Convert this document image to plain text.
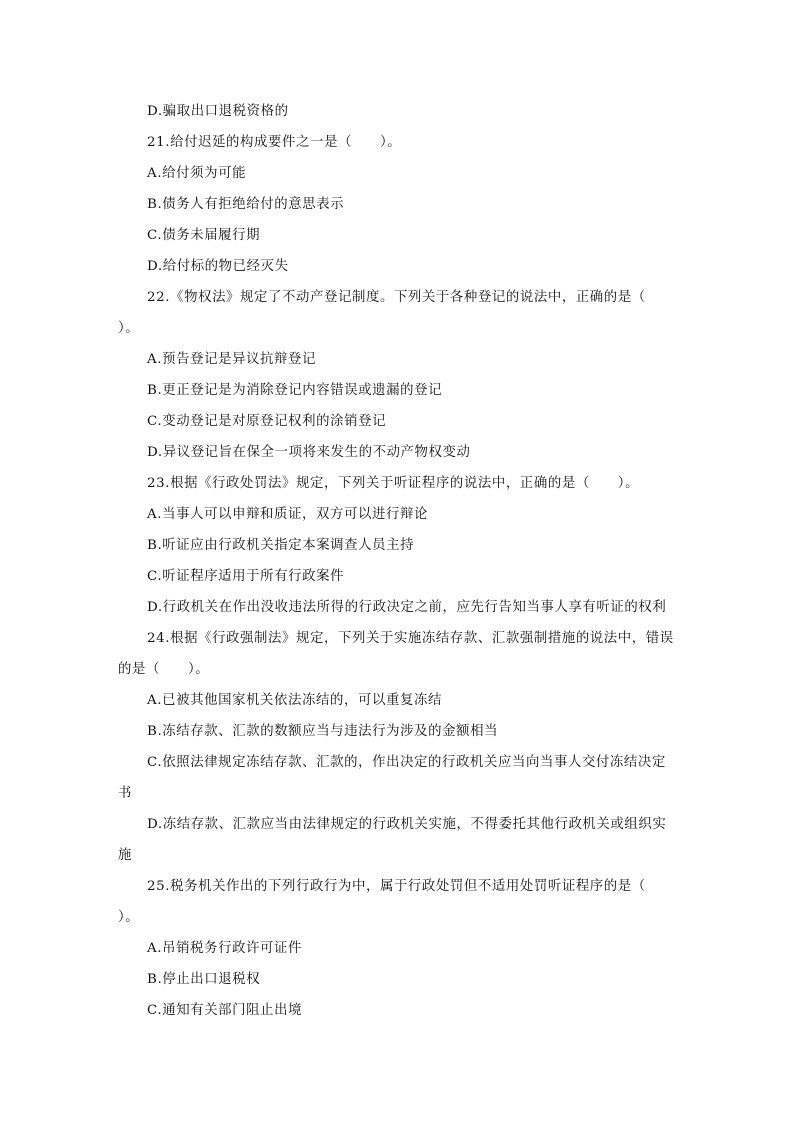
D.骗取出口退税资格的
21.给付迟延的构成要件之一是（　　）。
A.给付须为可能
B.债务人有拒绝给付的意思表示
C.债务未届履行期
D.给付标的物已经灭失
22.《物权法》规定了不动产登记制度。下列关于各种登记的说法中，正确的是（
）。
A.预告登记是异议抗辩登记
B.更正登记是为消除登记内容错误或遗漏的登记
C.变动登记是对原登记权利的涂销登记
D.异议登记旨在保全一项将来发生的不动产物权变动
23.根据《行政处罚法》规定，下列关于听证程序的说法中，正确的是（　　）。
A.当事人可以申辩和质证，双方可以进行辩论
B.听证应由行政机关指定本案调查人员主持
C.听证程序适用于所有行政案件
D.行政机关在作出没收违法所得的行政决定之前，应先行告知当事人享有听证的权利
24.根据《行政强制法》规定，下列关于实施冻结存款、汇款强制措施的说法中，错误
的是（　　）。
A.已被其他国家机关依法冻结的，可以重复冻结
B.冻结存款、汇款的数额应当与违法行为涉及的金额相当
C.依照法律规定冻结存款、汇款的，作出决定的行政机关应当向当事人交付冻结决定
书
D.冻结存款、汇款应当由法律规定的行政机关实施，不得委托其他行政机关或组织实
施
25.税务机关作出的下列行政行为中，属于行政处罚但不适用处罚听证程序的是（
）。
A.吊销税务行政许可证件
B.停止出口退税权
C.通知有关部门阻止出境
